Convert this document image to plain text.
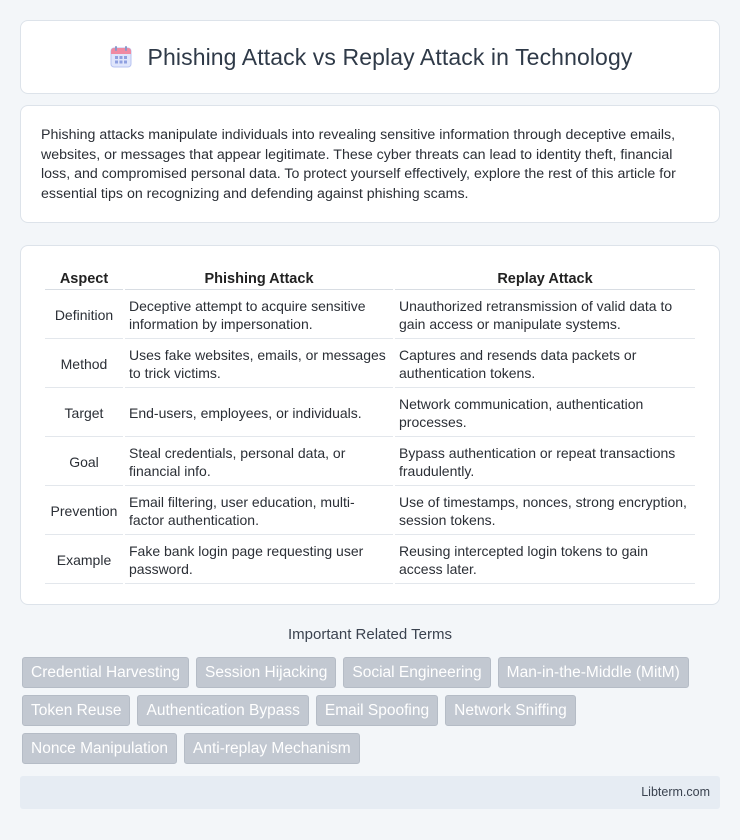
Phishing Attack vs Replay Attack in Technology

Phishing attacks manipulate individuals into revealing sensitive information through deceptive emails, websites, or messages that appear legitimate. These cyber threats can lead to identity theft, financial loss, and compromised personal data. To protect yourself effectively, explore the rest of this article for essential tips on recognizing and defending against phishing scams.

Aspect	Phishing Attack	Replay Attack
Definition	Deceptive attempt to acquire sensitive information by impersonation.	Unauthorized retransmission of valid data to gain access or manipulate systems.
Method	Uses fake websites, emails, or messages to trick victims.	Captures and resends data packets or authentication tokens.
Target	End-users, employees, or individuals.	Network communication, authentication processes.
Goal	Steal credentials, personal data, or financial info.	Bypass authentication or repeat transactions fraudulently.
Prevention	Email filtering, user education, multi-factor authentication.	Use of timestamps, nonces, strong encryption, session tokens.
Example	Fake bank login page requesting user password.	Reusing intercepted login tokens to gain access later.
Important Related Terms
Credential Harvesting	Session Hijacking	Social Engineering	Man-in-the-Middle (MitM)
Token Reuse	Authentication Bypass	Email Spoofing	Network Sniffing
Nonce Manipulation	Anti-replay Mechanism
Libterm.com
